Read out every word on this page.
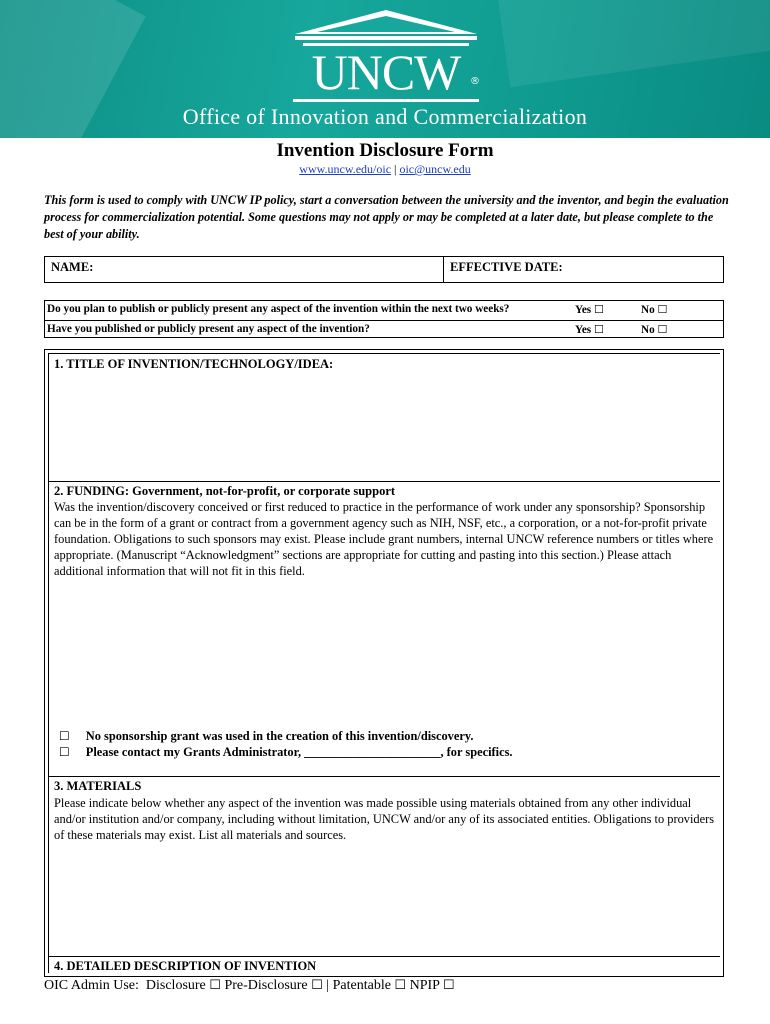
UNCW ®
Office of Innovation and Commercialization
Invention Disclosure Form
www.uncw.edu/oic | oic@uncw.edu
This form is used to comply with UNCW IP policy, start a conversation between the university and the inventor, and begin the evaluation process for commercialization potential. Some questions may not apply or may be completed at a later date, but please complete to the best of your ability.
NAME:	EFFECTIVE DATE:
Do you plan to publish or publicly present any aspect of the invention within the next two weeks?	Yes ☐	No ☐
Have you published or publicly present any aspect of the invention?	Yes ☐	No ☐
1. TITLE OF INVENTION/TECHNOLOGY/IDEA:
2. FUNDING: Government, not-for-profit, or corporate support
Was the invention/discovery conceived or first reduced to practice in the performance of work under any sponsorship? Sponsorship can be in the form of a grant or contract from a government agency such as NIH, NSF, etc., a corporation, or a not-for-profit private foundation. Obligations to such sponsors may exist. Please include grant numbers, internal UNCW reference numbers or titles where appropriate. (Manuscript “Acknowledgment” sections are appropriate for cutting and pasting into this section.) Please attach additional information that will not fit in this field.
☐ No sponsorship grant was used in the creation of this invention/discovery.
☐ Please contact my Grants Administrator, ______________________, for specifics.
3. MATERIALS
Please indicate below whether any aspect of the invention was made possible using materials obtained from any other individual and/or institution and/or company, including without limitation, UNCW and/or any of its associated entities. Obligations to providers of these materials may exist. List all materials and sources.
4. DETAILED DESCRIPTION OF INVENTION
OIC Admin Use: Disclosure ☐ Pre-Disclosure ☐ | Patentable ☐ NPIP ☐
